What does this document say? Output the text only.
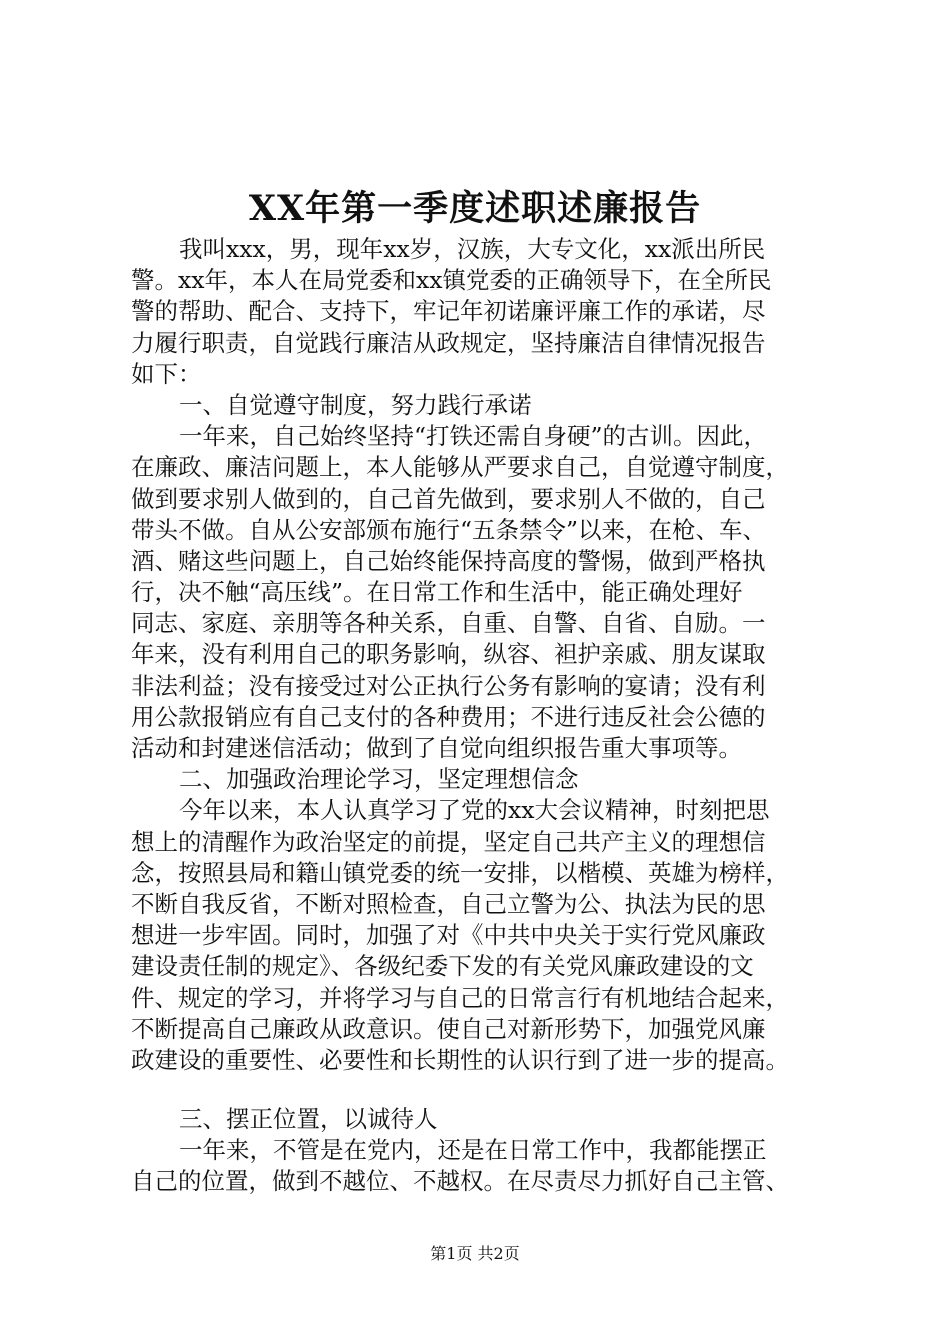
XX年第一季度述职述廉报告
我叫xxx，男，现年xx岁，汉族，大专文化，xx派出所民
警。xx年，本人在局党委和xx镇党委的正确领导下，在全所民
警的帮助、配合、支持下，牢记年初诺廉评廉工作的承诺，尽
力履行职责，自觉践行廉洁从政规定，坚持廉洁自律情况报告
如下：
一、自觉遵守制度，努力践行承诺
一年来，自己始终坚持“打铁还需自身硬”的古训。因此，
在廉政、廉洁问题上，本人能够从严要求自己，自觉遵守制度，
做到要求别人做到的，自己首先做到，要求别人不做的，自己
带头不做。自从公安部颁布施行“五条禁令”以来，在枪、车、
酒、赌这些问题上，自己始终能保持高度的警惕，做到严格执
行，决不触“高压线”。在日常工作和生活中，能正确处理好
同志、家庭、亲朋等各种关系，自重、自警、自省、自励。一
年来，没有利用自己的职务影响，纵容、袒护亲戚、朋友谋取
非法利益；没有接受过对公正执行公务有影响的宴请；没有利
用公款报销应有自己支付的各种费用；不进行违反社会公德的
活动和封建迷信活动；做到了自觉向组织报告重大事项等。
二、加强政治理论学习，坚定理想信念
今年以来，本人认真学习了党的xx大会议精神，时刻把思
想上的清醒作为政治坚定的前提，坚定自己共产主义的理想信
念，按照县局和籍山镇党委的统一安排，以楷模、英雄为榜样，
不断自我反省，不断对照检查，自己立警为公、执法为民的思
想进一步牢固。同时，加强了对《中共中央关于实行党风廉政
建设责任制的规定》、各级纪委下发的有关党风廉政建设的文
件、规定的学习，并将学习与自己的日常言行有机地结合起来，
不断提高自己廉政从政意识。使自己对新形势下，加强党风廉
政建设的重要性、必要性和长期性的认识行到了进一步的提高。
三、摆正位置，以诚待人
一年来，不管是在党内，还是在日常工作中，我都能摆正
自己的位置，做到不越位、不越权。在尽责尽力抓好自己主管、
第1页 共2页
